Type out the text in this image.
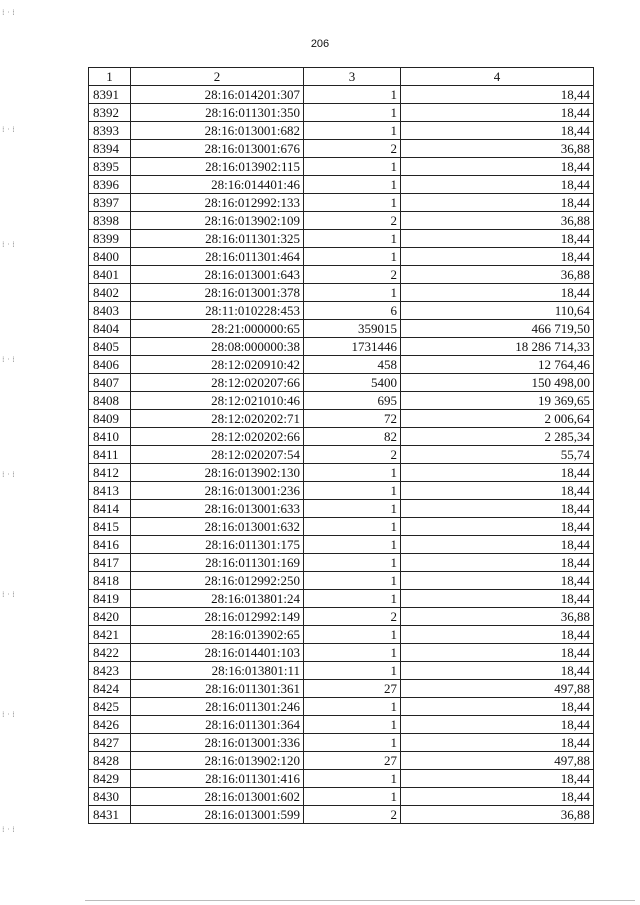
206
1	2	3	4
8391	28:16:014201:307	1	18,44
8392	28:16:011301:350	1	18,44
8393	28:16:013001:682	1	18,44
8394	28:16:013001:676	2	36,88
8395	28:16:013902:115	1	18,44
8396	28:16:014401:46	1	18,44
8397	28:16:012992:133	1	18,44
8398	28:16:013902:109	2	36,88
8399	28:16:011301:325	1	18,44
8400	28:16:011301:464	1	18,44
8401	28:16:013001:643	2	36,88
8402	28:16:013001:378	1	18,44
8403	28:11:010228:453	6	110,64
8404	28:21:000000:65	359015	466 719,50
8405	28:08:000000:38	1731446	18 286 714,33
8406	28:12:020910:42	458	12 764,46
8407	28:12:020207:66	5400	150 498,00
8408	28:12:021010:46	695	19 369,65
8409	28:12:020202:71	72	2 006,64
8410	28:12:020202:66	82	2 285,34
8411	28:12:020207:54	2	55,74
8412	28:16:013902:130	1	18,44
8413	28:16:013001:236	1	18,44
8414	28:16:013001:633	1	18,44
8415	28:16:013001:632	1	18,44
8416	28:16:011301:175	1	18,44
8417	28:16:011301:169	1	18,44
8418	28:16:012992:250	1	18,44
8419	28:16:013801:24	1	18,44
8420	28:16:012992:149	2	36,88
8421	28:16:013902:65	1	18,44
8422	28:16:014401:103	1	18,44
8423	28:16:013801:11	1	18,44
8424	28:16:011301:361	27	497,88
8425	28:16:011301:246	1	18,44
8426	28:16:011301:364	1	18,44
8427	28:16:013001:336	1	18,44
8428	28:16:013902:120	27	497,88
8429	28:16:011301:416	1	18,44
8430	28:16:013001:602	1	18,44
8431	28:16:013001:599	2	36,88
⁞ · ⁞
⁞ · ⁞
⁞ · ⁞
⁞ · ⁞
⁞ · ⁞
⁞ · ⁞
⁞ · ⁞
⁞ · ⁞
